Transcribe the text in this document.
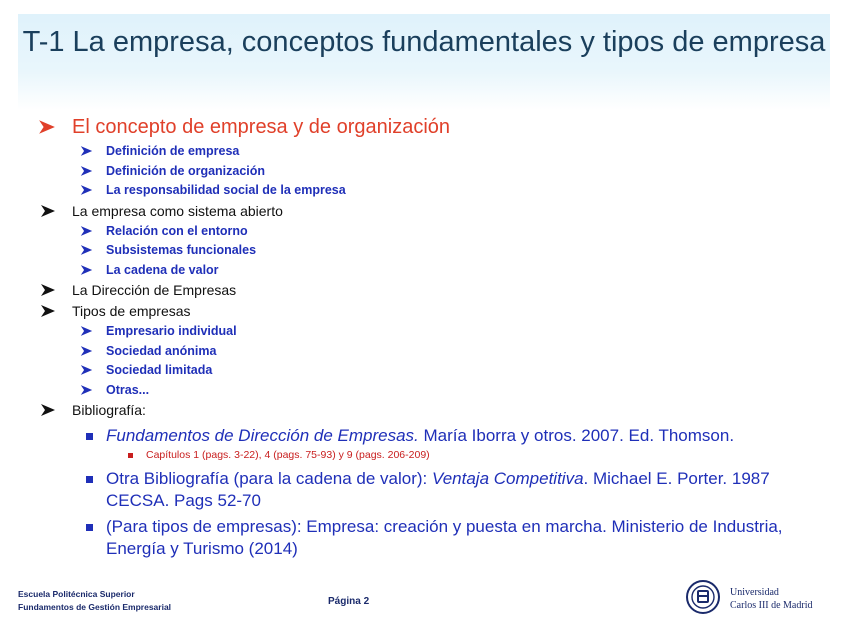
T-1 La empresa, conceptos fundamentales y tipos de empresa
El concepto de empresa y de organización
Definición de empresa
Definición de organización
La responsabilidad social de la empresa
La empresa como sistema abierto
Relación con el entorno
Subsistemas funcionales
La cadena de valor
La Dirección de Empresas
Tipos de empresas
Empresario individual
Sociedad anónima
Sociedad limitada
Otras...
Bibliografía:
Fundamentos de Dirección de Empresas. María Iborra y otros. 2007. Ed. Thomson.
Capítulos 1 (pags. 3-22), 4 (pags. 75-93) y 9 (pags. 206-209)
Otra Bibliografía (para la cadena de valor): Ventaja Competitiva. Michael E. Porter. 1987 CECSA. Pags 52-70
(Para tipos de empresas): Empresa: creación y puesta en marcha. Ministerio de Industria, Energía y Turismo (2014)
Escuela Politécnica Superior
Fundamentos de Gestión Empresarial	Página 2
Universidad
Carlos III de Madrid
